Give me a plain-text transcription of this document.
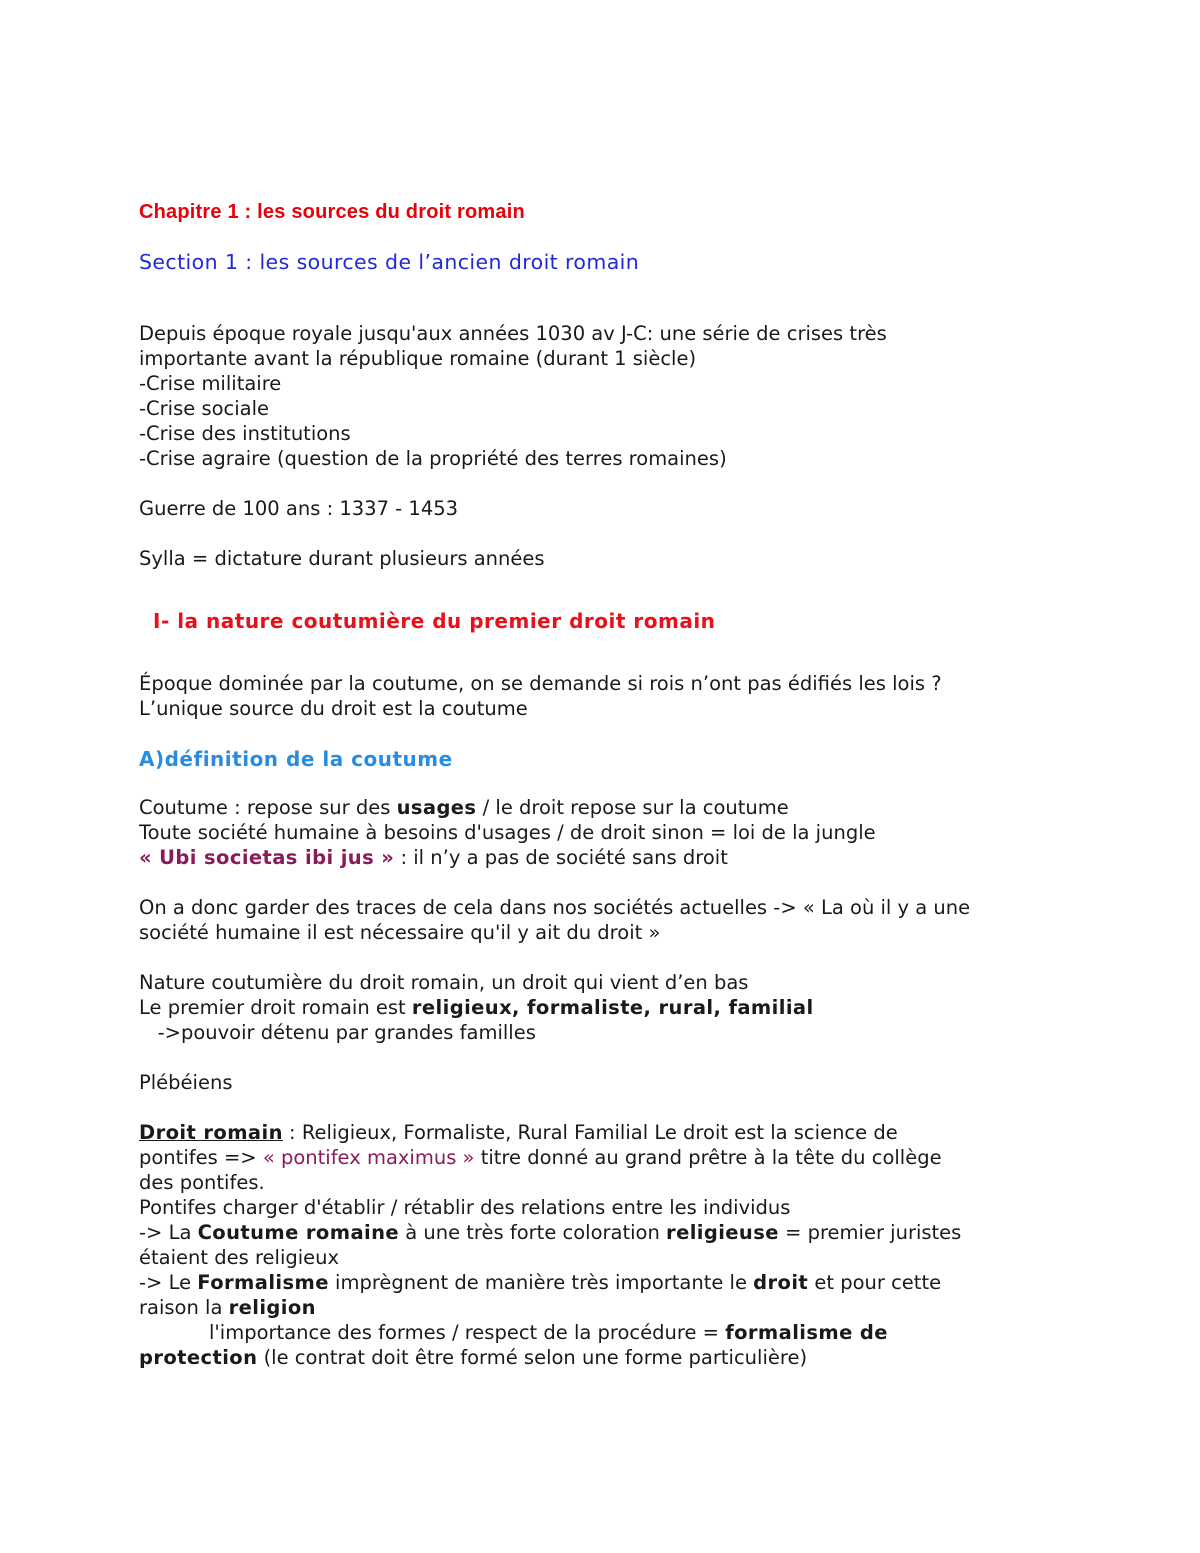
Chapitre 1 : les sources du droit romain

Section 1 : les sources de l’ancien droit romain

Depuis époque royale jusqu'aux années 1030 av J-C: une série de crises très

importante avant la république romaine (durant 1 siècle)

-Crise militaire

-Crise sociale

-Crise des institutions

-Crise agraire (question de la propriété des terres romaines)

Guerre de 100 ans : 1337 - 1453

Sylla = dictature durant plusieurs années

I- la nature coutumière du premier droit romain

Époque dominée par la coutume, on se demande si rois n’ont pas édifiés les lois ?

L’unique source du droit est la coutume

A)définition de la coutume

Coutume : repose sur des usages / le droit repose sur la coutume

Toute société humaine à besoins d'usages / de droit sinon = loi de la jungle

« Ubi societas ibi jus » : il n’y a pas de société sans droit

On a donc garder des traces de cela dans nos sociétés actuelles -> « La où il y a une

société humaine il est nécessaire qu'il y ait du droit »

Nature coutumière du droit romain, un droit qui vient d’en bas

Le premier droit romain est religieux, formaliste, rural, familial

->pouvoir détenu par grandes familles

Plébéiens

Droit romain : Religieux, Formaliste, Rural Familial Le droit est la science de

pontifes => « pontifex maximus » titre donné au grand prêtre à la tête du collège

des pontifes.

Pontifes charger d'établir / rétablir des relations entre les individus

-> La Coutume romaine à une très forte coloration religieuse = premier juristes

étaient des religieux

-> Le Formalisme imprègnent de manière très importante le droit et pour cette

raison la religion

l'importance des formes / respect de la procédure = formalisme de

protection (le contrat doit être formé selon une forme particulière)
